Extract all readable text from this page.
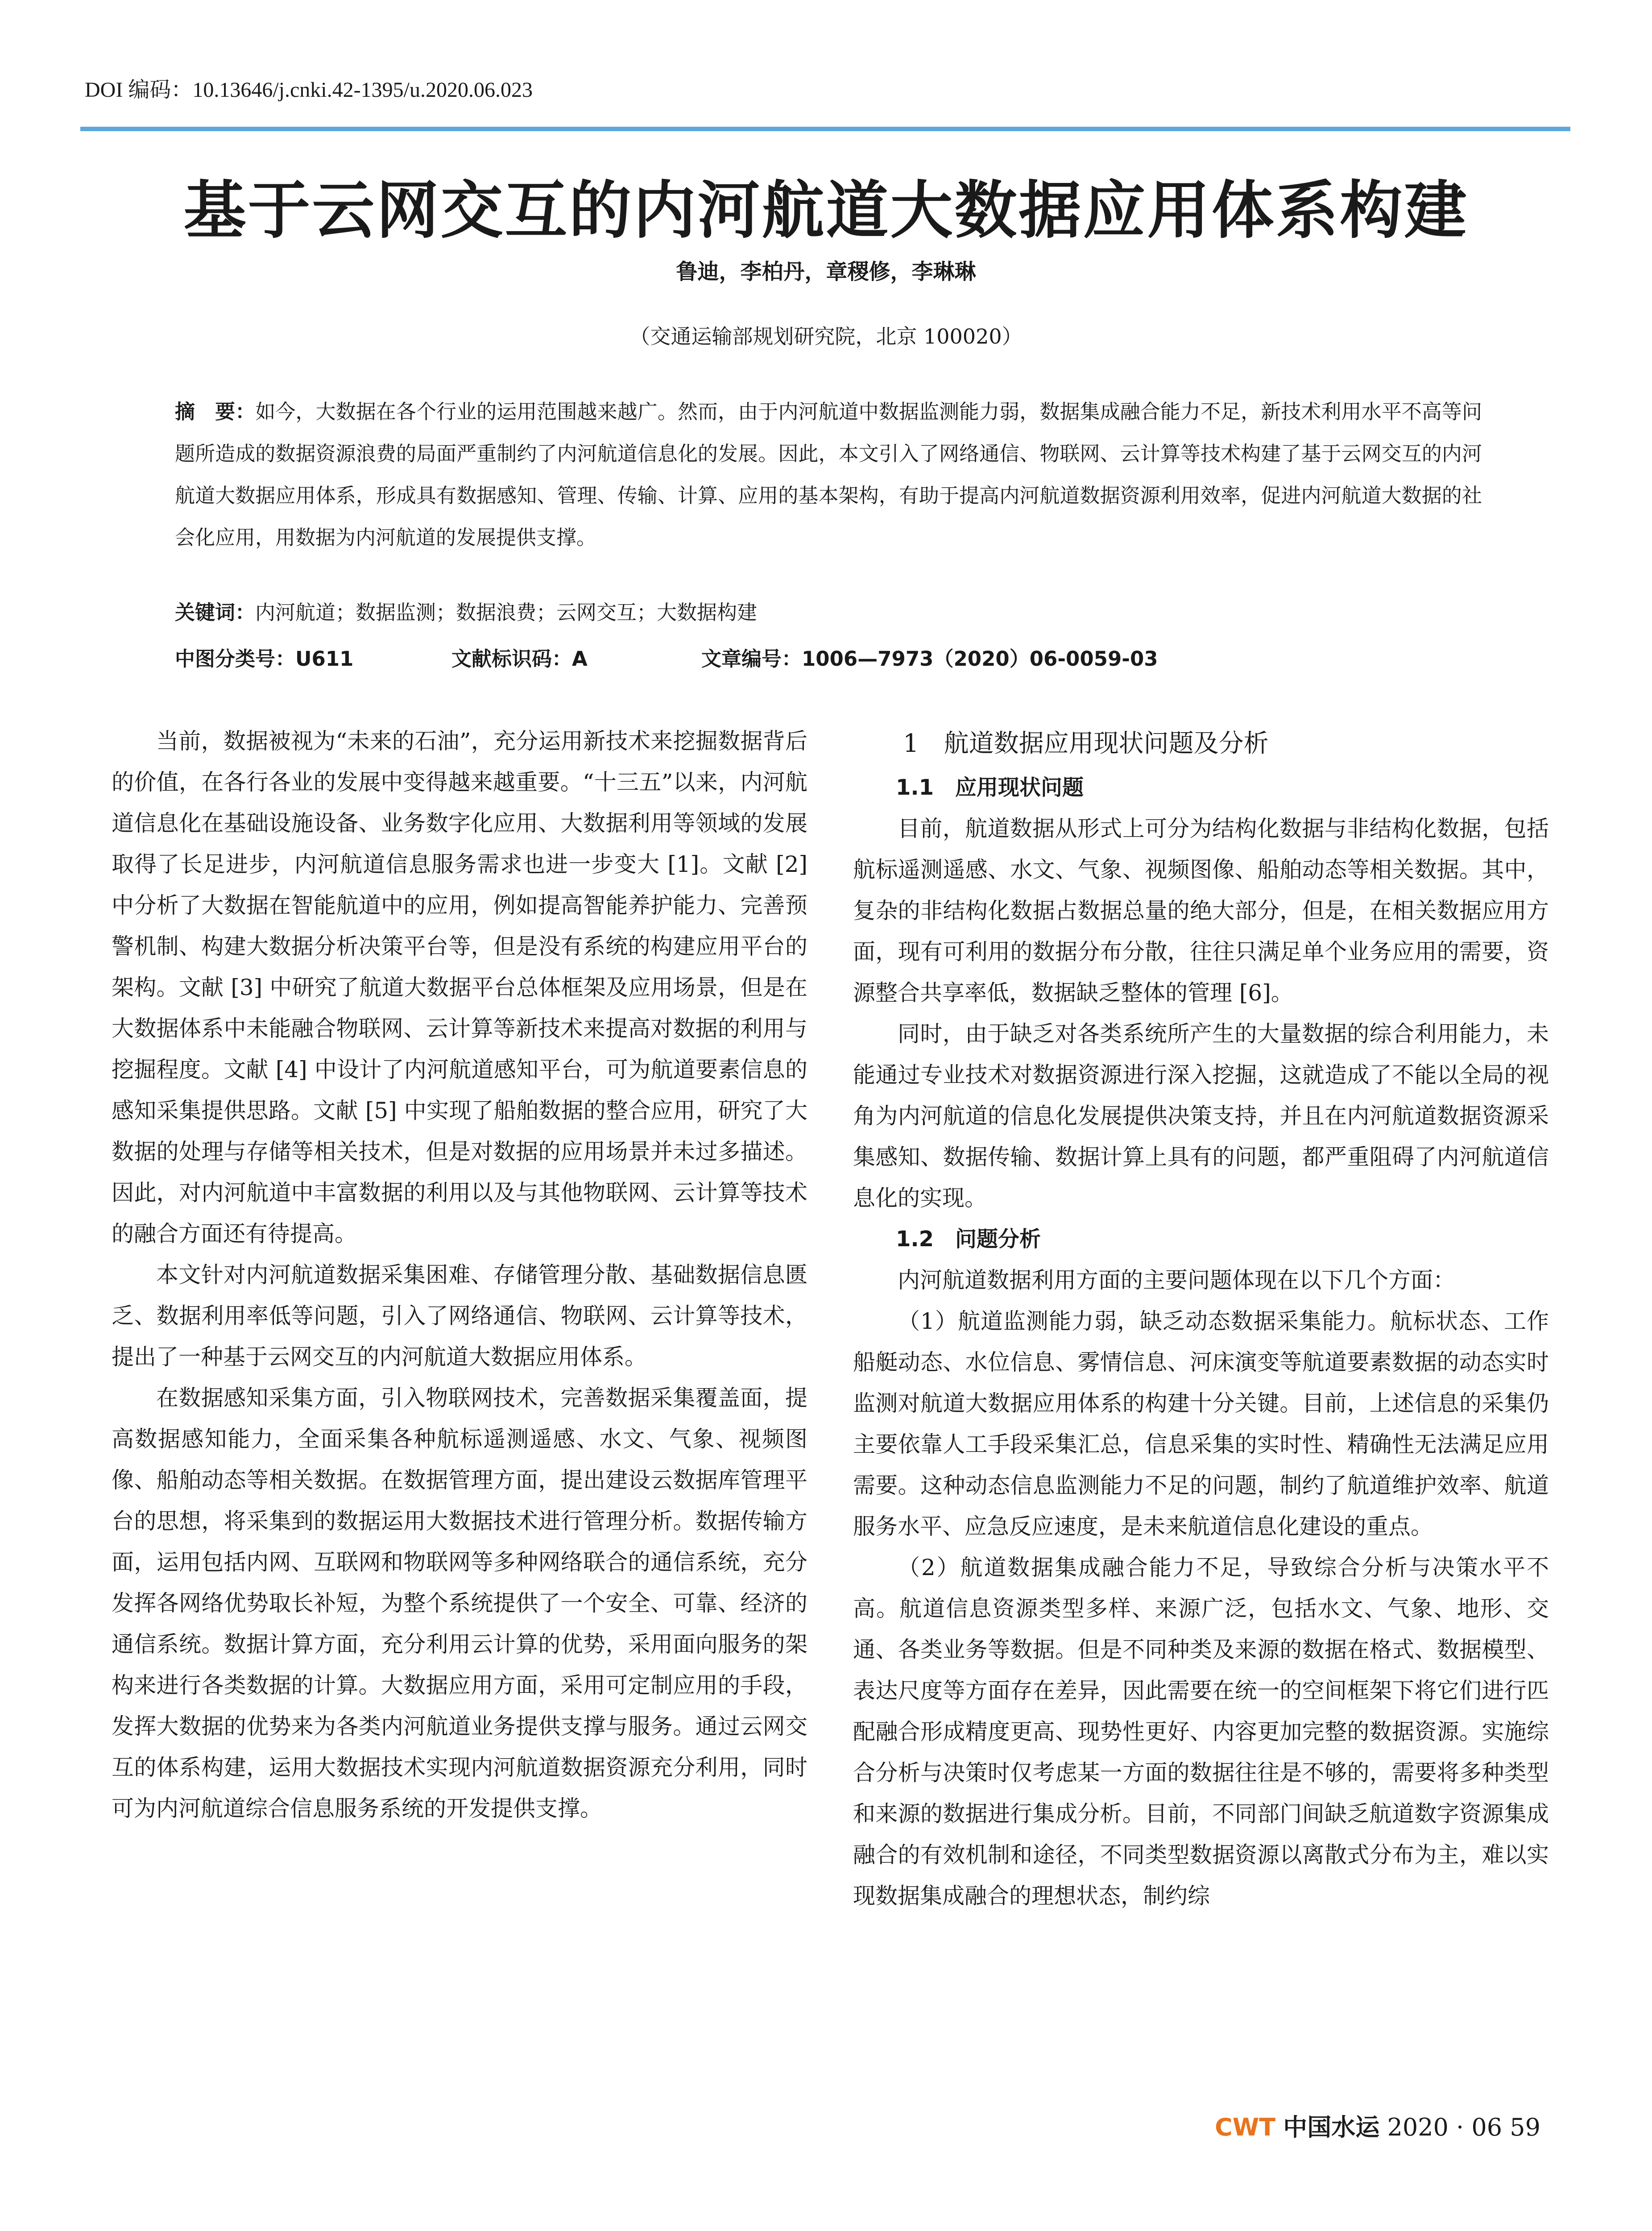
DOI 编码：10.13646/j.cnki.42-1395/u.2020.06.023
基于云网交互的内河航道大数据应用体系构建
鲁迪，李柏丹，章稷修，李琳琳
（交通运输部规划研究院，北京 100020）
摘　要：如今，大数据在各个行业的运用范围越来越广。然而，由于内河航道中数据监测能力弱，数据集成融合能力不足，新技术利用水平不高等问题所造成的数据资源浪费的局面严重制约了内河航道信息化的发展。因此，本文引入了网络通信、物联网、云计算等技术构建了基于云网交互的内河航道大数据应用体系，形成具有数据感知、管理、传输、计算、应用的基本架构，有助于提高内河航道数据资源利用效率，促进内河航道大数据的社会化应用，用数据为内河航道的发展提供支撑。
关键词：内河航道；数据监测；数据浪费；云网交互；大数据构建
中图分类号：U611	文献标识码：A	文章编号：1006—7973（2020）06-0059-03

当前，数据被视为“未来的石油”，充分运用新技术来挖掘数据背后的价值，在各行各业的发展中变得越来越重要。“十三五”以来，内河航道信息化在基础设施设备、业务数字化应用、大数据利用等领域的发展取得了长足进步，内河航道信息服务需求也进一步变大 [1]。文献 [2] 中分析了大数据在智能航道中的应用，例如提高智能养护能力、完善预警机制、构建大数据分析决策平台等，但是没有系统的构建应用平台的架构。文献 [3] 中研究了航道大数据平台总体框架及应用场景，但是在大数据体系中未能融合物联网、云计算等新技术来提高对数据的利用与挖掘程度。文献 [4] 中设计了内河航道感知平台，可为航道要素信息的感知采集提供思路。文献 [5] 中实现了船舶数据的整合应用，研究了大数据的处理与存储等相关技术，但是对数据的应用场景并未过多描述。因此，对内河航道中丰富数据的利用以及与其他物联网、云计算等技术的融合方面还有待提高。

本文针对内河航道数据采集困难、存储管理分散、基础数据信息匮乏、数据利用率低等问题，引入了网络通信、物联网、云计算等技术，提出了一种基于云网交互的内河航道大数据应用体系。

在数据感知采集方面，引入物联网技术，完善数据采集覆盖面，提高数据感知能力，全面采集各种航标遥测遥感、水文、气象、视频图像、船舶动态等相关数据。在数据管理方面，提出建设云数据库管理平台的思想，将采集到的数据运用大数据技术进行管理分析。数据传输方面，运用包括内网、互联网和物联网等多种网络联合的通信系统，充分发挥各网络优势取长补短，为整个系统提供了一个安全、可靠、经济的通信系统。数据计算方面，充分利用云计算的优势，采用面向服务的架构来进行各类数据的计算。大数据应用方面，采用可定制应用的手段，发挥大数据的优势来为各类内河航道业务提供支撑与服务。通过云网交互的体系构建，运用大数据技术实现内河航道数据资源充分利用，同时可为内河航道综合信息服务系统的开发提供支撑。

1　航道数据应用现状问题及分析

1.1　应用现状问题

目前，航道数据从形式上可分为结构化数据与非结构化数据，包括航标遥测遥感、水文、气象、视频图像、船舶动态等相关数据。其中，复杂的非结构化数据占数据总量的绝大部分，但是，在相关数据应用方面，现有可利用的数据分布分散，往往只满足单个业务应用的需要，资源整合共享率低，数据缺乏整体的管理 [6]。

同时，由于缺乏对各类系统所产生的大量数据的综合利用能力，未能通过专业技术对数据资源进行深入挖掘，这就造成了不能以全局的视角为内河航道的信息化发展提供决策支持，并且在内河航道数据资源采集感知、数据传输、数据计算上具有的问题，都严重阻碍了内河航道信息化的实现。

1.2　问题分析

内河航道数据利用方面的主要问题体现在以下几个方面：

（1）航道监测能力弱，缺乏动态数据采集能力。航标状态、工作船艇动态、水位信息、雾情信息、河床演变等航道要素数据的动态实时监测对航道大数据应用体系的构建十分关键。目前，上述信息的采集仍主要依靠人工手段采集汇总，信息采集的实时性、精确性无法满足应用需要。这种动态信息监测能力不足的问题，制约了航道维护效率、航道服务水平、应急反应速度，是未来航道信息化建设的重点。

（2）航道数据集成融合能力不足，导致综合分析与决策水平不高。航道信息资源类型多样、来源广泛，包括水文、气象、地形、交通、各类业务等数据。但是不同种类及来源的数据在格式、数据模型、表达尺度等方面存在差异，因此需要在统一的空间框架下将它们进行匹配融合形成精度更高、现势性更好、内容更加完整的数据资源。实施综合分析与决策时仅考虑某一方面的数据往往是不够的，需要将多种类型和来源的数据进行集成分析。目前，不同部门间缺乏航道数字资源集成融合的有效机制和途径，不同类型数据资源以离散式分布为主，难以实现数据集成融合的理想状态，制约综

CWT 中国水运 2020 · 06 59
